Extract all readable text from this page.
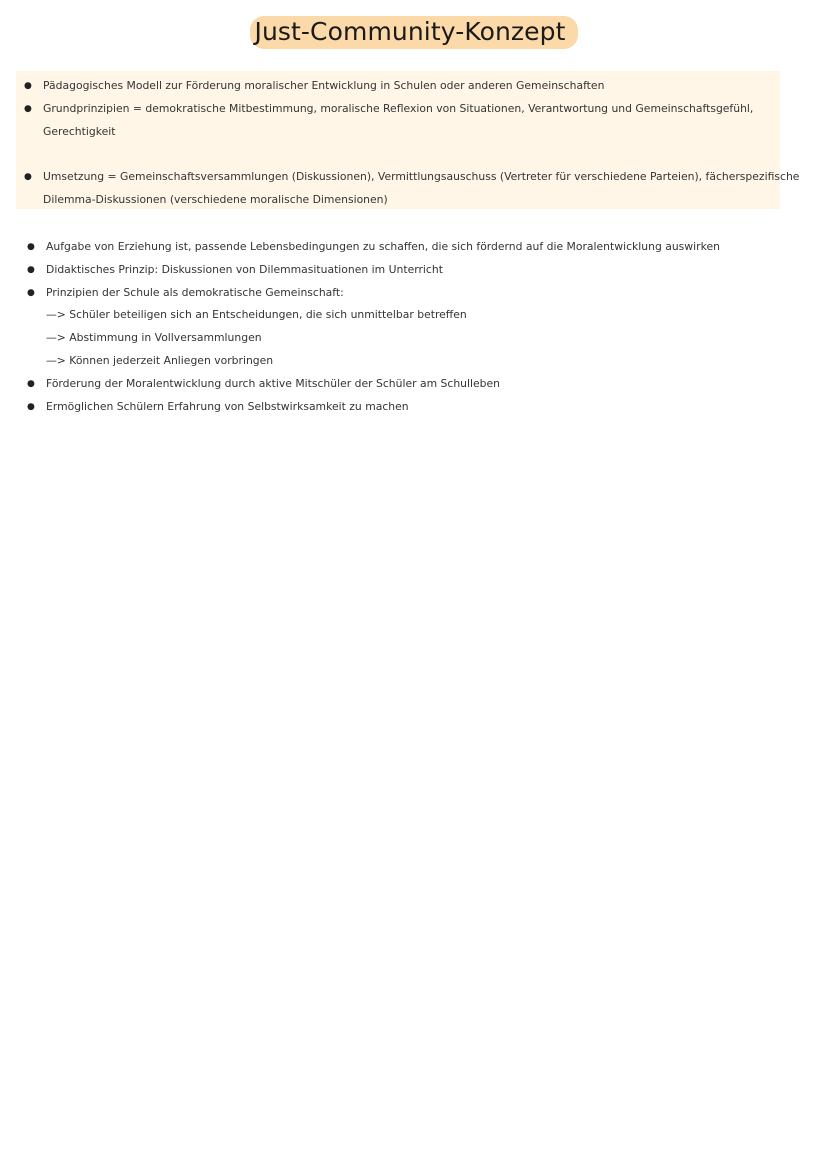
Just-Community-Konzept
● Pädagogisches Modell zur Förderung moralischer Entwicklung in Schulen oder anderen Gemeinschaften
● Grundprinzipien = demokratische Mitbestimmung, moralische Reflexion von Situationen, Verantwortung und Gemeinschaftsgefühl,
Gerechtigkeit
● Umsetzung = Gemeinschaftsversammlungen (Diskussionen), Vermittlungsauschuss (Vertreter für verschiedene Parteien), fächerspezifische
Dilemma-Diskussionen (verschiedene moralische Dimensionen)
● Aufgabe von Erziehung ist, passende Lebensbedingungen zu schaffen, die sich fördernd auf die Moralentwicklung auswirken
● Didaktisches Prinzip: Diskussionen von Dilemmasituationen im Unterricht
● Prinzipien der Schule als demokratische Gemeinschaft:
—> Schüler beteiligen sich an Entscheidungen, die sich unmittelbar betreffen
—> Abstimmung in Vollversammlungen
—> Können jederzeit Anliegen vorbringen
● Förderung der Moralentwicklung durch aktive Mitschüler der Schüler am Schulleben
● Ermöglichen Schülern Erfahrung von Selbstwirksamkeit zu machen
